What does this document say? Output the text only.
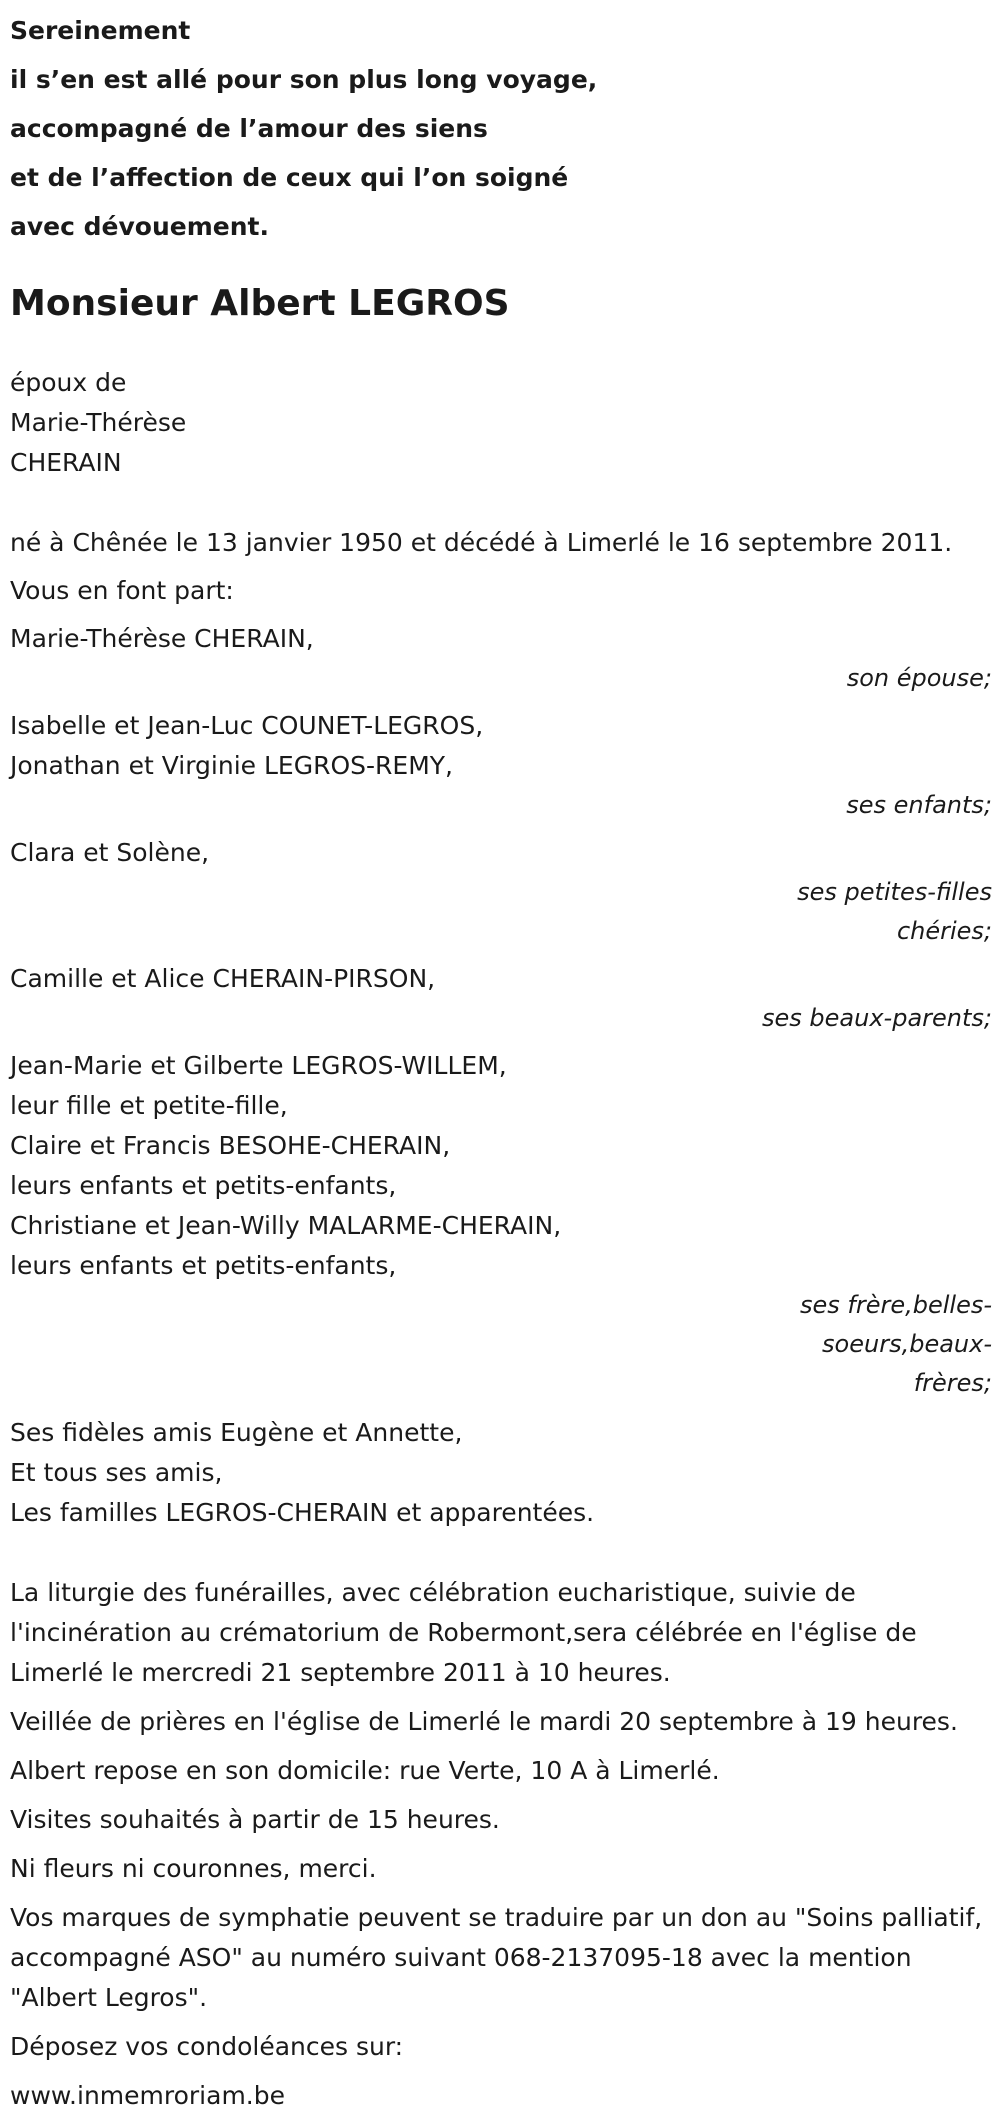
Sereinement
il s’en est allé pour son plus long voyage,
accompagné de l’amour des siens
et de l’affection de ceux qui l’on soigné
avec dévouement.
Monsieur Albert LEGROS
époux de
Marie-Thérèse
CHERAIN
né à Chênée le 13 janvier 1950 et décédé à Limerlé le 16 septembre 2011.
Vous en font part:
Marie-Thérèse CHERAIN,
son épouse;
Isabelle et Jean-Luc COUNET-LEGROS,
Jonathan et Virginie LEGROS-REMY,
ses enfants;
Clara et Solène,
ses petites-filles chéries;
Camille et Alice CHERAIN-PIRSON,
ses beaux-parents;
Jean-Marie et Gilberte LEGROS-WILLEM,
leur fille et petite-fille,
Claire et Francis BESOHE-CHERAIN,
leurs enfants et petits-enfants,
Christiane et Jean-Willy MALARME-CHERAIN,
leurs enfants et petits-enfants,
ses frère,belles-soeurs,beaux-frères;
Ses fidèles amis Eugène et Annette,
Et tous ses amis,
Les familles LEGROS-CHERAIN et apparentées.

La liturgie des funérailles, avec célébration eucharistique, suivie de l'incinération au crématorium de Robermont,sera célébrée en l'église de Limerlé le mercredi 21 septembre 2011 à 10 heures.

Veillée de prières en l'église de Limerlé le mardi 20 septembre à 19 heures.

Albert repose en son domicile: rue Verte, 10 A à Limerlé.

Visites souhaités à partir de 15 heures.

Ni fleurs ni couronnes, merci.

Vos marques de symphatie peuvent se traduire par un don au "Soins palliatif, accompagné ASO" au numéro suivant 068-2137095-18 avec la mention "Albert Legros".

Déposez vos condoléances sur:

www.inmemroriam.be
